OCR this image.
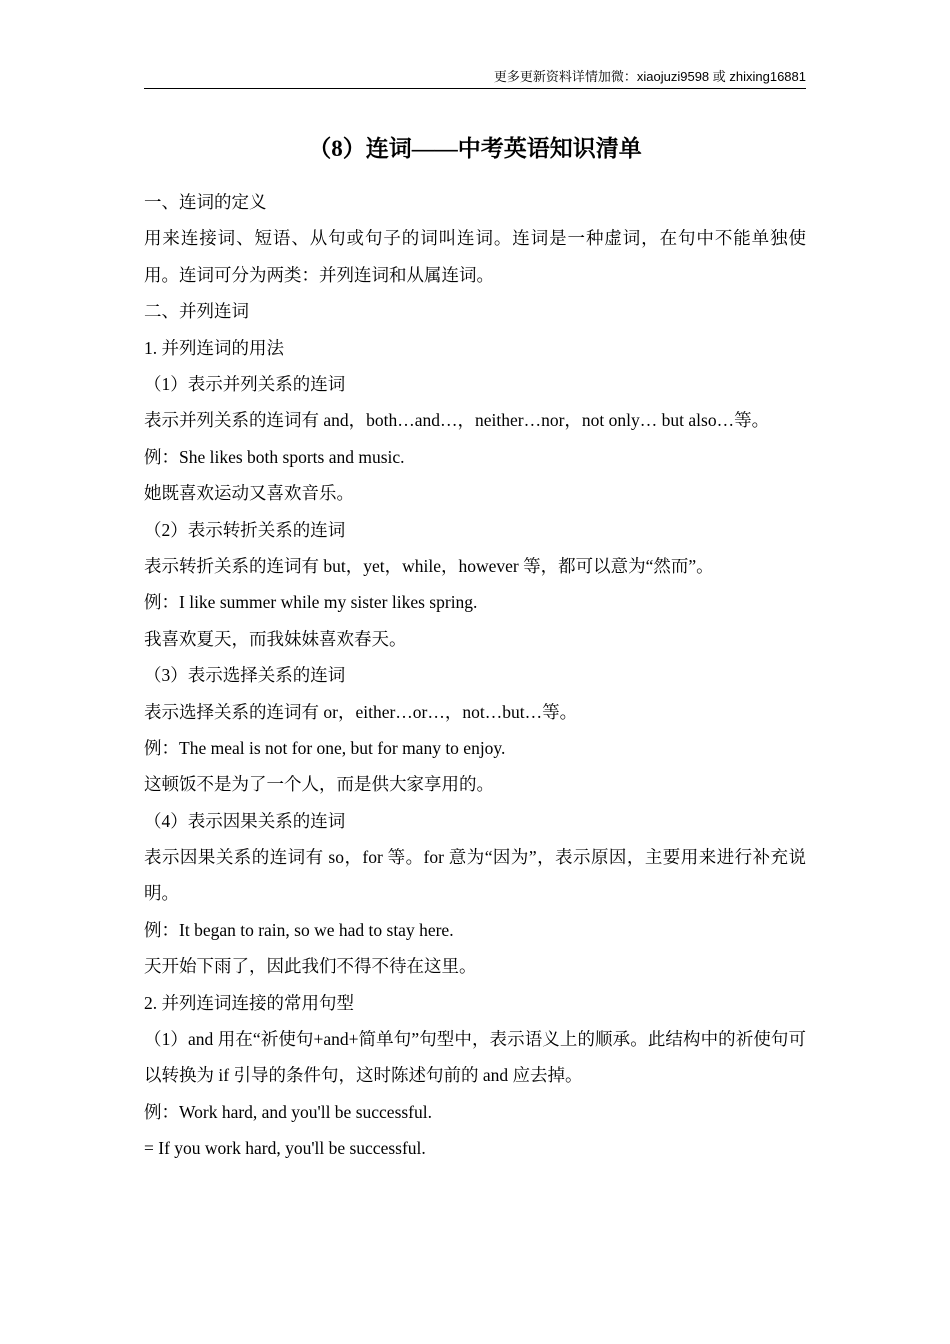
更多更新资料详情加微：xiaojuzi9598 或 zhixing16881
（8）连词——中考英语知识清单
一、连词的定义
用来连接词、短语、从句或句子的词叫连词。连词是一种虚词，在句中不能单独使用。连词可分为两类：并列连词和从属连词。
二、并列连词
1. 并列连词的用法
（1）表示并列关系的连词
表示并列关系的连词有 and，both…and…，neither…nor，not only… but also…等。
例：She likes both sports and music.
她既喜欢运动又喜欢音乐。
（2）表示转折关系的连词
表示转折关系的连词有 but，yet，while，however 等，都可以意为“然而”。
例：I like summer while my sister likes spring.
我喜欢夏天，而我妹妹喜欢春天。
（3）表示选择关系的连词
表示选择关系的连词有 or，either…or…，not…but…等。
例：The meal is not for one, but for many to enjoy.
这顿饭不是为了一个人，而是供大家享用的。
（4）表示因果关系的连词
表示因果关系的连词有 so，for 等。for 意为“因为”，表示原因，主要用来进行补充说明。
例：It began to rain, so we had to stay here.
天开始下雨了，因此我们不得不待在这里。
2. 并列连词连接的常用句型
（1）and 用在“祈使句+and+简单句”句型中，表示语义上的顺承。此结构中的祈使句可以转换为 if 引导的条件句，这时陈述句前的 and 应去掉。
例：Work hard, and you'll be successful.
= If you work hard, you'll be successful.
